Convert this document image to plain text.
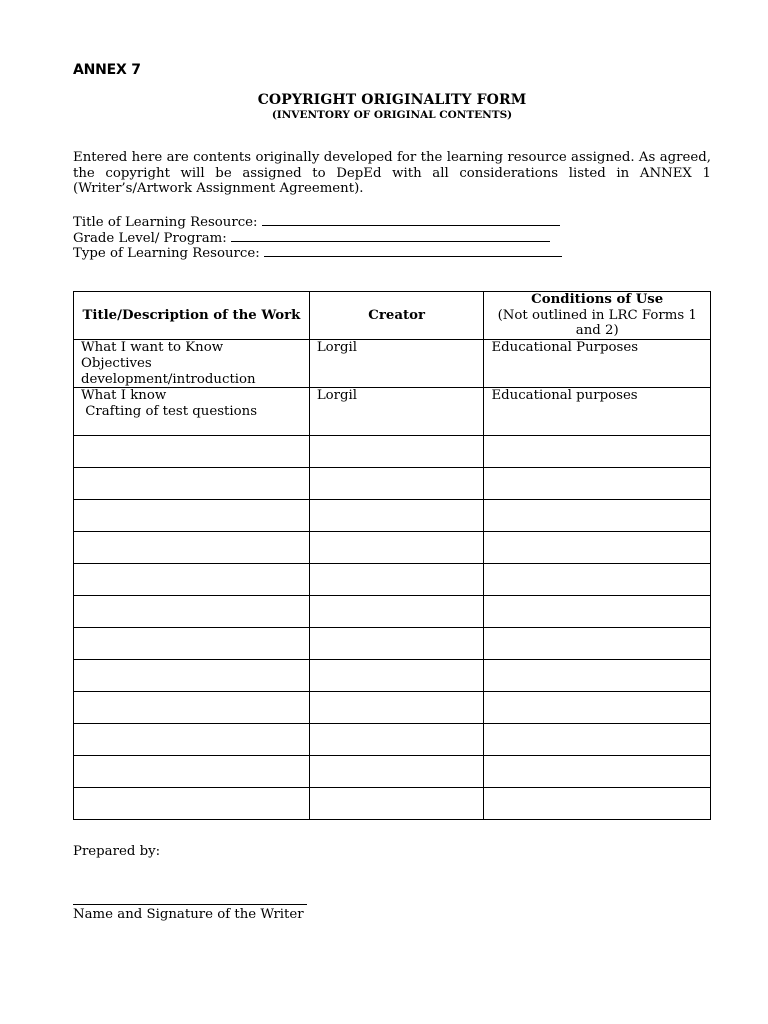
ANNEX 7
COPYRIGHT ORIGINALITY FORM
(INVENTORY OF ORIGINAL CONTENTS)
Entered here are contents originally developed for the learning resource assigned. As agreed, the copyright will be assigned to DepEd with all considerations listed in ANNEX 1 (Writer’s/Artwork Assignment Agreement).
Title of Learning Resource:
Grade Level/ Program:
Type of Learning Resource:
Title/Description of the Work	Creator	Conditions of Use
(Not outlined in LRC Forms 1 and 2)

What I want to Know
Objectives development/introduction	Lorgil	Educational Purposes

What I know
Crafting of test questions	Lorgil	Educational purposes

Prepared by:
Name and Signature of the Writer
